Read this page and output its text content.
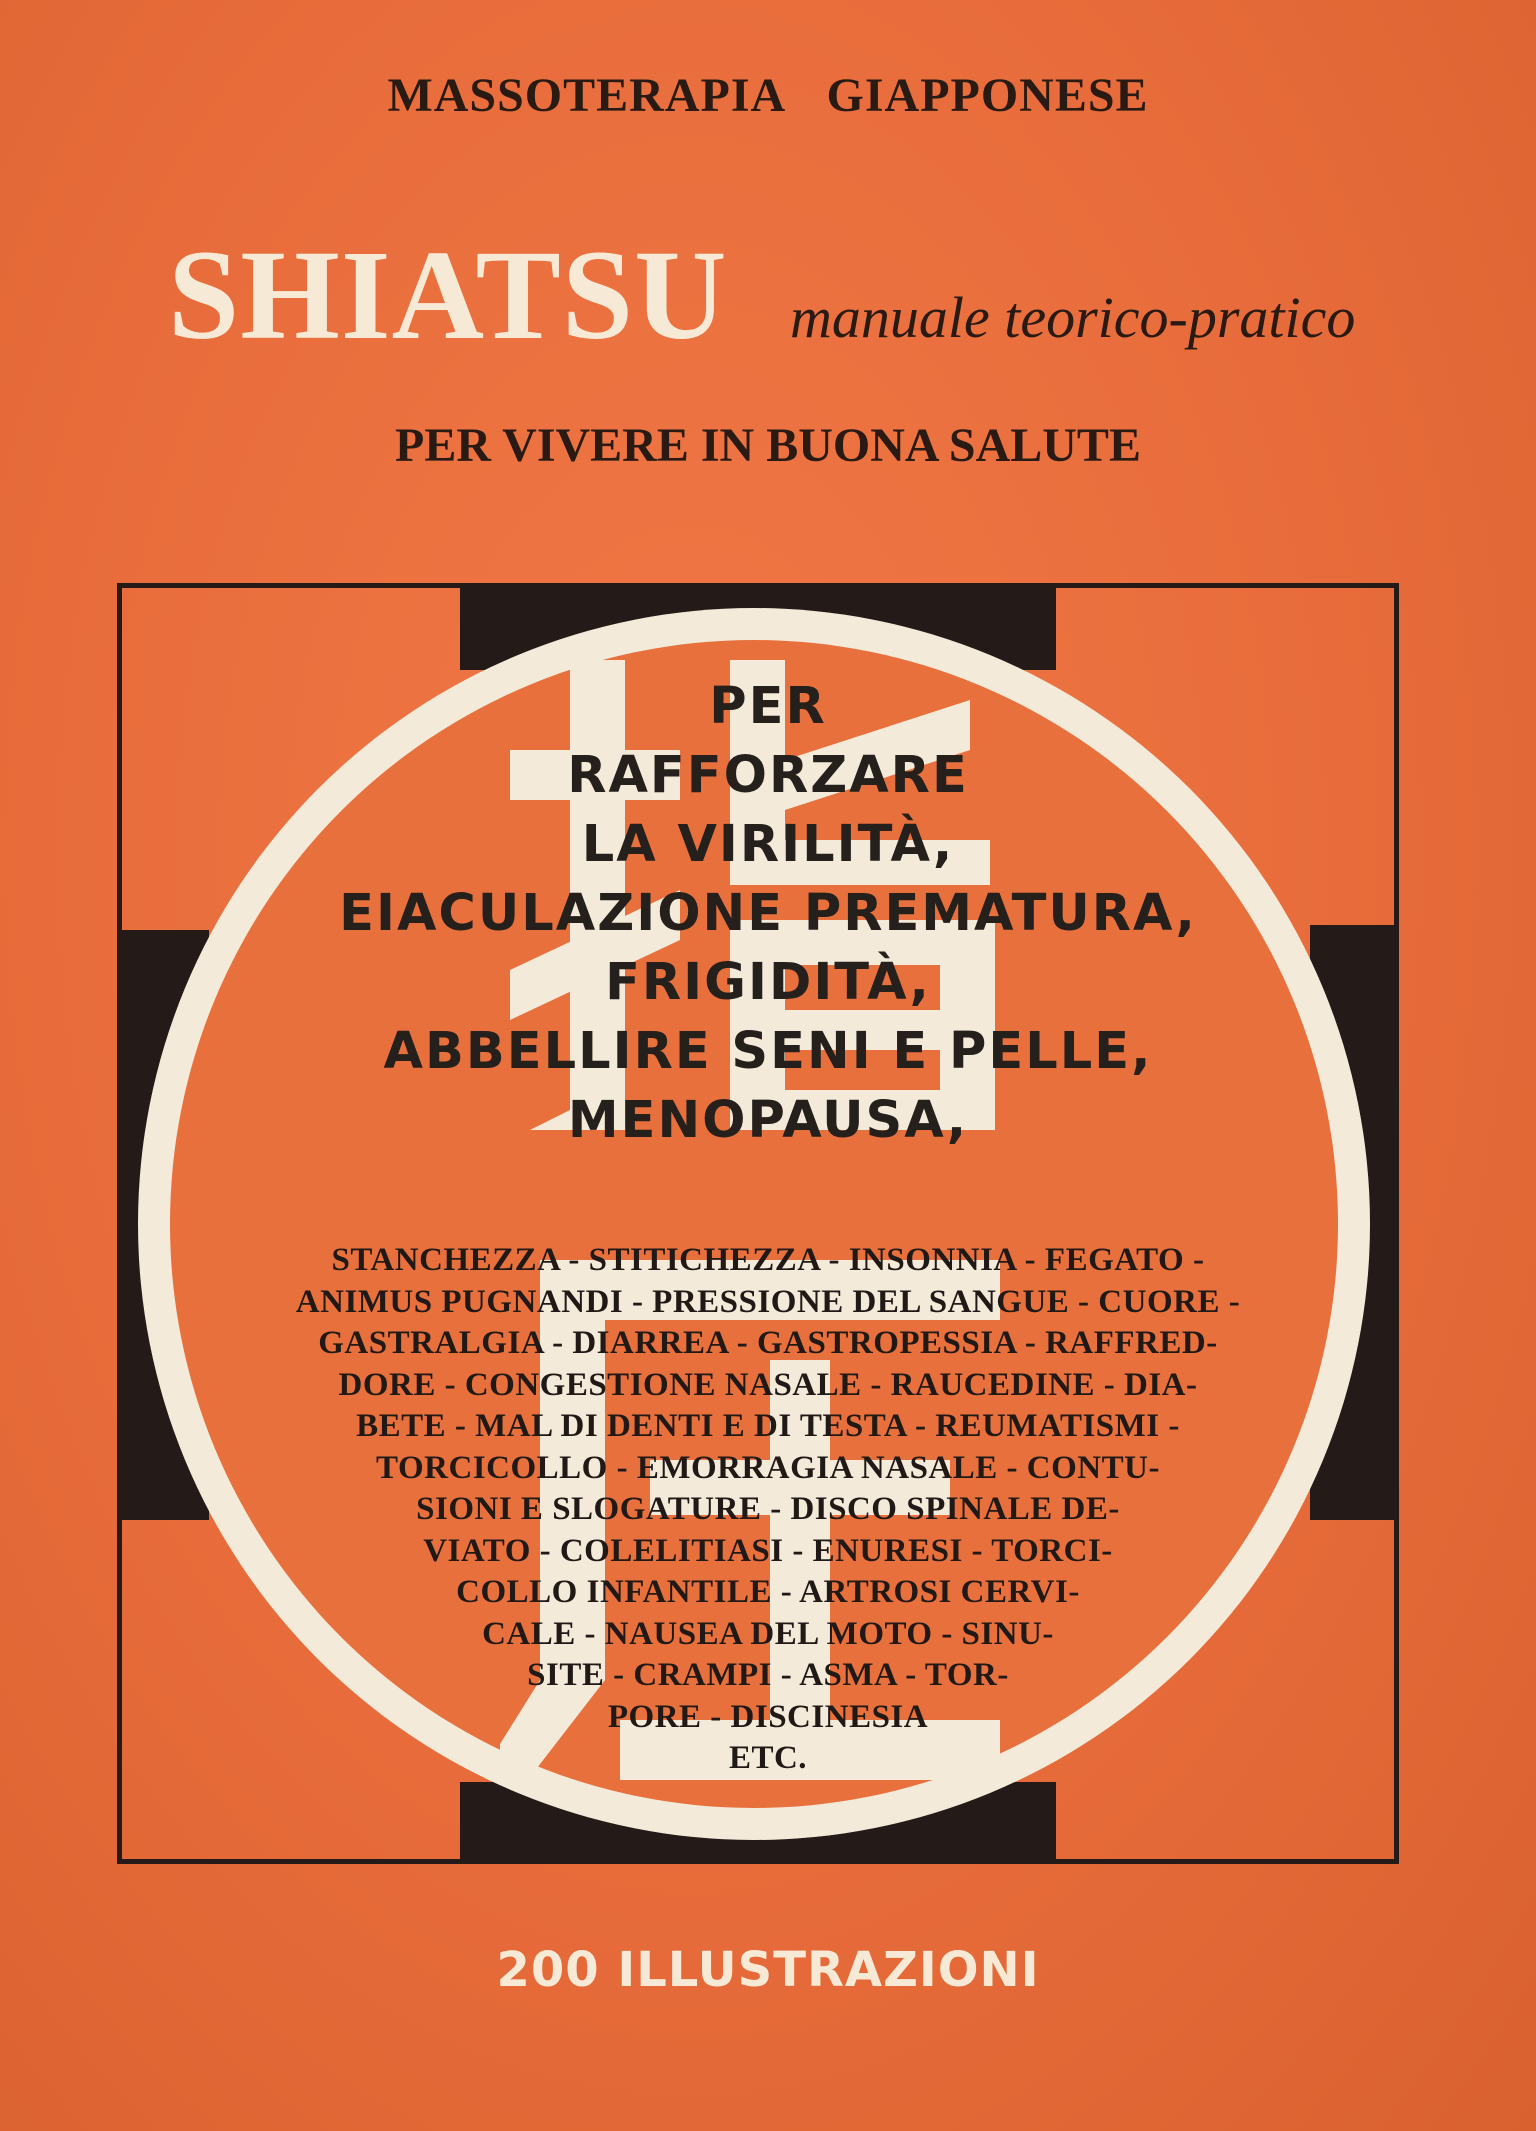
MASSOTERAPIA GIAPPONESE
SHIATSU manuale teorico-pratico
PER VIVERE IN BUONA SALUTE
PER
RAFFORZARE
LA VIRILITÀ,
EIACULAZIONE PREMATURA,
FRIGIDITÀ,
ABBELLIRE SENI E PELLE,
MENOPAUSA,
STANCHEZZA - STITICHEZZA - INSONNIA - FEGATO -
ANIMUS PUGNANDI - PRESSIONE DEL SANGUE - CUORE -
GASTRALGIA - DIARREA - GASTROPESSIA - RAFFRED-
DORE - CONGESTIONE NASALE - RAUCEDINE - DIA-
BETE - MAL DI DENTI E DI TESTA - REUMATISMI -
TORCICOLLO - EMORRAGIA NASALE - CONTU-
SIONI E SLOGATURE - DISCO SPINALE DE-
VIATO - COLELITIASI - ENURESI - TORCI-
COLLO INFANTILE - ARTROSI CERVI-
CALE - NAUSEA DEL MOTO - SINU-
SITE - CRAMPI - ASMA - TOR-
PORE - DISCINESIA
ETC.
200 ILLUSTRAZIONI
